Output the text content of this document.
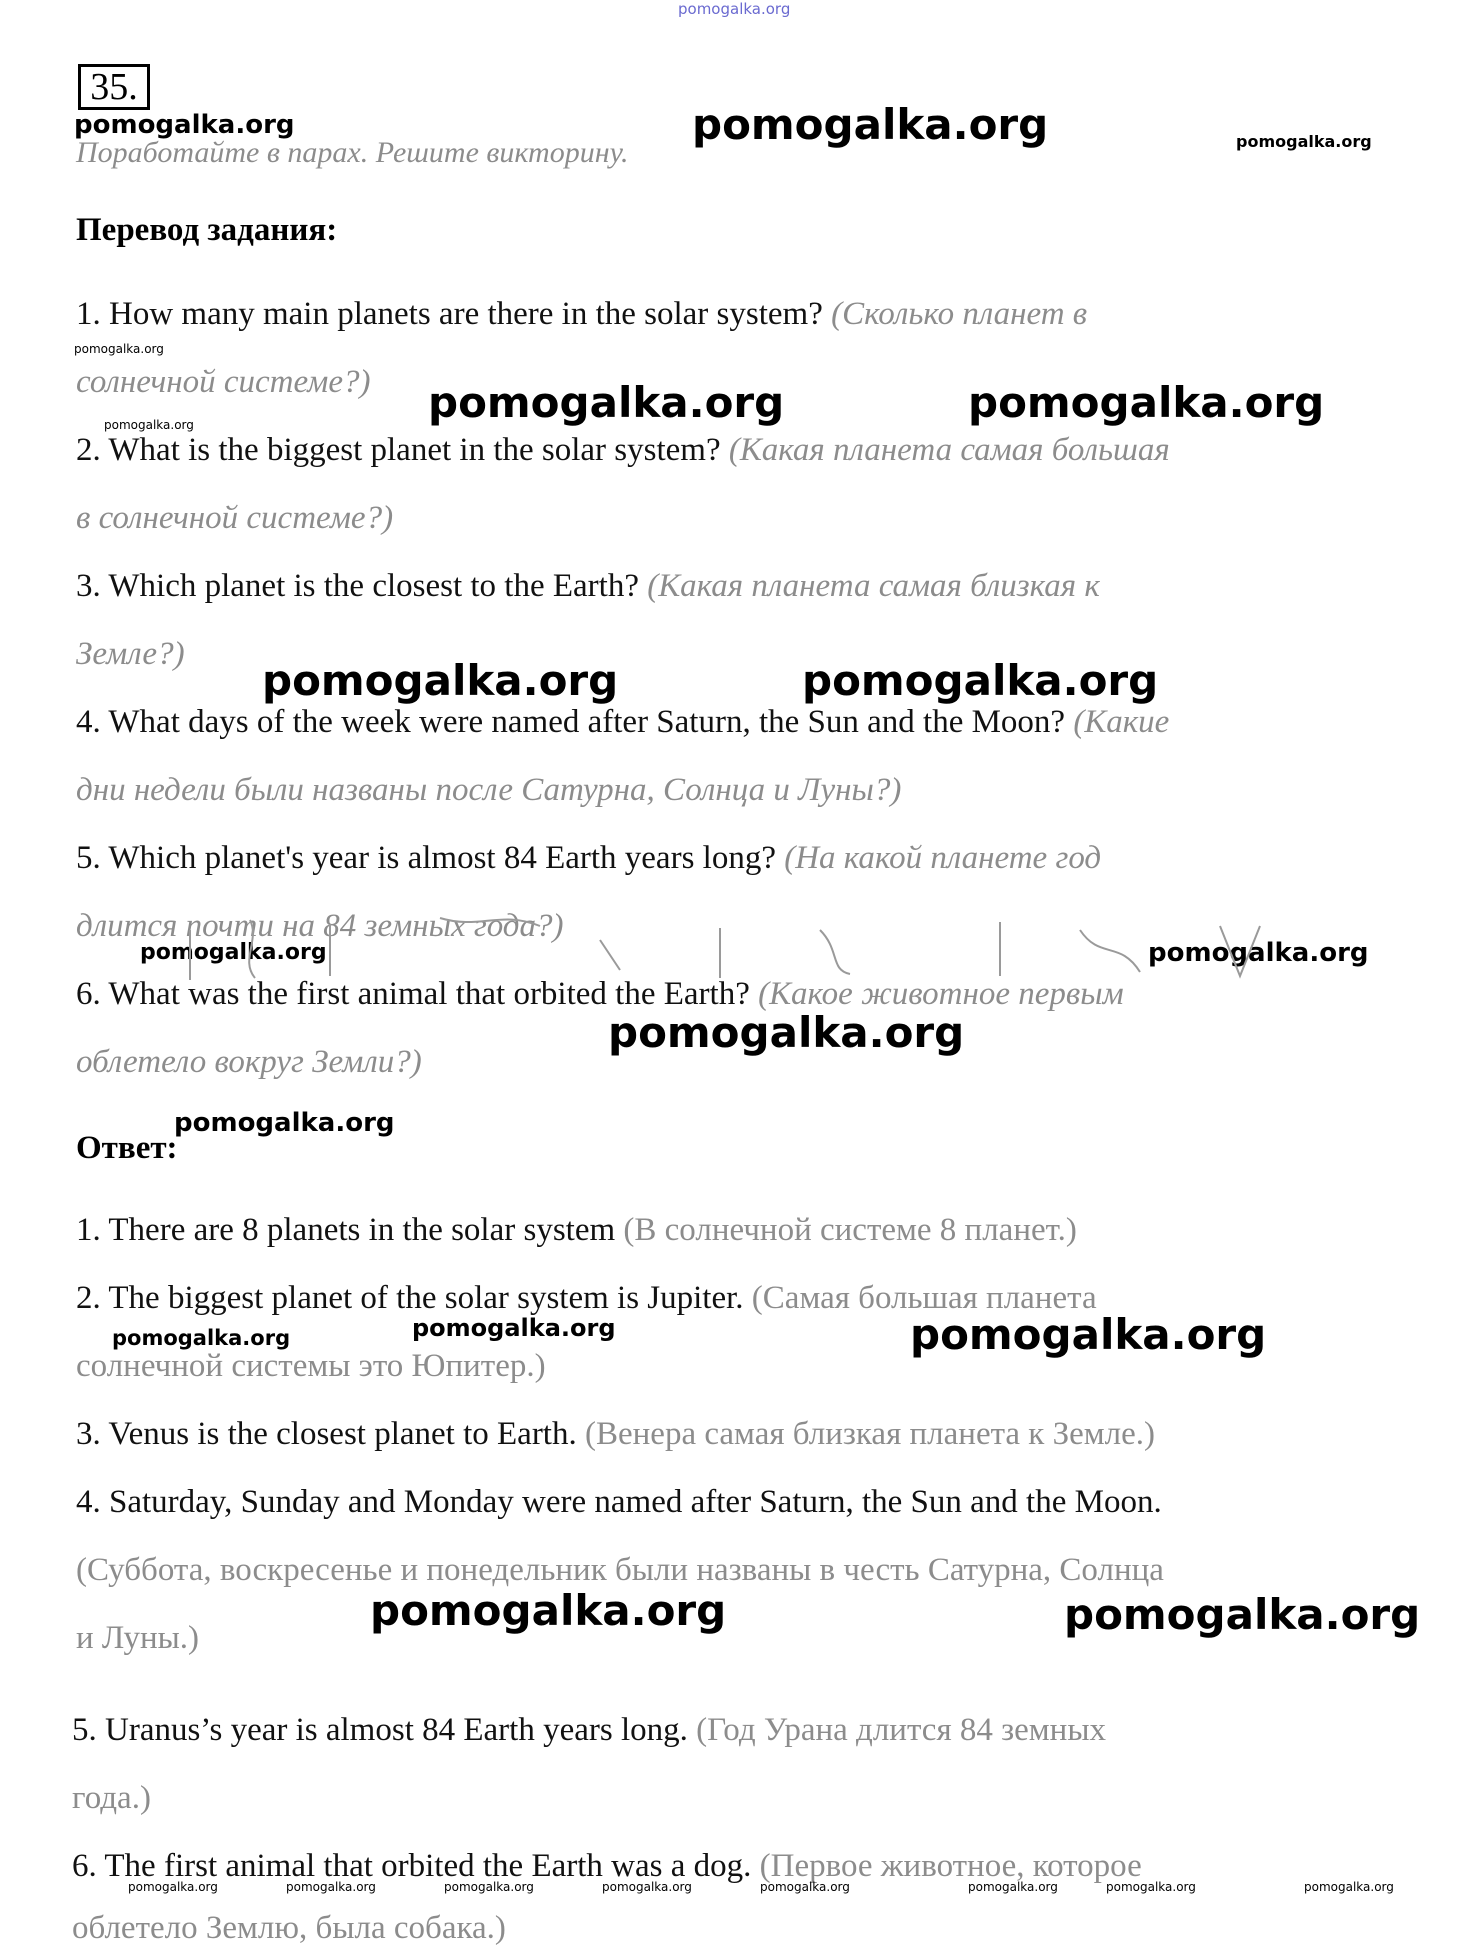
pomogalka.org
35.
pomogalka.org	pomogalka.org	pomogalka.org
Поработайте в парах. Решите викторину.
Перевод задания:
1. How many main planets are there in the solar system? (Сколько планет в
pomogalka.org
солнечной системе?) pomogalka.org	pomogalka.org
pomogalka.org
2. What is the biggest planet in the solar system? (Какая планета самая большая
в солнечной системе?)
3. Which planet is the closest to the Earth? (Какая планета самая близкая к
Земле?)
pomogalka.org	pomogalka.org
4. What days of the week were named after Saturn, the Sun and the Moon? (Какие
дни недели были названы после Сатурна, Солнца и Луны?)
5. Which planet's year is almost 84 Earth years long? (На какой планете год
длится почти на 84 земных года?)
pomogalka.org	pomogalka.org
6. What was the first animal that orbited the Earth? (Какое животное первым
pomogalka.org
облетело вокруг Земли?)
pomogalka.org
Ответ:
1. There are 8 planets in the solar system (В солнечной системе 8 планет.)
2. The biggest planet of the solar system is Jupiter. (Самая большая планета
pomogalka.org	pomogalka.org	pomogalka.org
солнечной системы это Юпитер.)
3. Venus is the closest planet to Earth. (Венера самая близкая планета к Земле.)
4. Saturday, Sunday and Monday were named after Saturn, the Sun and the Moon.
(Суббота, воскресенье и понедельник были названы в честь Сатурна, Солнца
pomogalka.org	pomogalka.org
и Луны.)
5. Uranus’s year is almost 84 Earth years long. (Год Урана длится 84 земных
года.)
6. The first animal that orbited the Earth was a dog. (Первое животное, которое
pomogalka.org	pomogalka.org	pomogalka.org	pomogalka.org	pomogalka.org	pomogalka.org	pomogalka.org	pomogalka.org
облетело Землю, была собака.)
